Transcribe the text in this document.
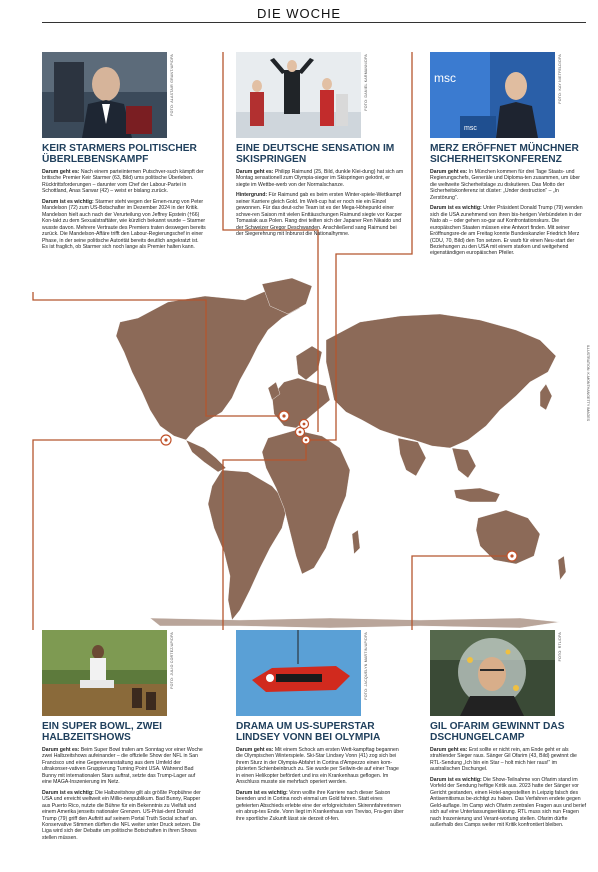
DIE WOCHE
ILLUSTRATION: K-MONTHANGETTY IMAGES
FOTO: ALASTAIR GRANT/AP/DPA
KEIR STARMERS POLITISCHER ÜBERLEBENSKAMPF

Darum geht es: Nach einem parteiinternen Putschver-such kämpft der britische Premier Keir Starmer (63, Bild) ums politische Überleben. Rücktrittsforderungen – darunter vom Chef der Labour-Partei in Schottland, Anas Sarwar (42) – weist er bislang zurück.

Darum ist es wichtig: Starmer steht wegen der Ernen-nung von Peter Mandelson (72) zum US-Botschafter im Dezember 2024 in der Kritik. Mandelson hielt auch nach der Verurteilung von Jeffrey Epstein (†66) Kon-takt zu dem Sexualstraftäter, wie kürzlich bekannt wurde – Starmer wusste davon. Mehrere Vertraute des Premiers traten deswegen bereits zurück. Die Mandelson-Affäre trifft den Labour-Regierungschef in einer Phase, in der seine politische Autorität bereits deutlich angekratzt ist. Es ist fraglich, ob Starmer sich noch lange als Premier halten kann.

FOTO: DANIEL KARMANN/DPA
EINE DEUTSCHE SENSATION IM SKISPRINGEN

Darum geht es: Philipp Raimund (25, Bild, dunkle Klei-dung) hat sich am Montag sensationell zum Olympia-sieger im Skispringen gekrönt, er siegte im Wettbe-werb von der Normalschanze.

Hintergrund: Für Raimund gab es beim ersten Winter-spiele-Wettkampf seiner Karriere gleich Gold. Im Welt-cup hat er noch nie ein Einzel gewonnen. Für das deut-sche Team ist es der Mega-Höhepunkt einer schwe-ren Saison mit vielen Enttäuschungen Raimund siegte vor Kacper Tomasiak aus Polen. Rang drei teilten sich der Japaner Ren Nikaido und der Schweizer Gregor Deschwanden. Anschließend sang Raimund bei der Siegerehrung mit Inbrunst die Nationalhymne.

msc
msc
FOTO: KAY NIETFELD/DPA
MERZ ERÖFFNET MÜNCHNER SICHERHEITSKONFERENZ

Darum geht es: In München kommen für drei Tage Staats- und Regierungschefs, Generäle und Diploma-ten zusammen, um über die weltweite Sicherheitslage zu diskutieren. Das Motto der Sicherheitskonferenz ist düster: „Under destruction“ – „In Zerstörung“.

Darum ist es wichtig: Unter Präsident Donald Trump (79) wenden sich die USA zunehmend von ihren bis-herigen Verbündeten in der Nato ab – oder gehen so-gar auf Konfrontationskurs. Die europäischen Staaten müssen eine Antwort finden. Mit seiner Eröffnungsre-de am Freitag konnte Bundeskanzler Friedrich Merz (CDU, 70, Bild) den Ton setzen. Er warb für einen Neu-start der Beziehungen zu den USA mit einem starken und weitgehend eigenständigen europäischen Pfeiler.

FOTO: JULIO CORTEZ/AP/DPA
EIN SUPER BOWL, ZWEI HALBZEITSHOWS

Darum geht es: Beim Super Bowl trafen am Sonntag vor einer Woche zwei Halbzeitshows aufeinander – die offizielle Show der NFL in San Francisco und eine Gegenveranstaltung aus dem Umfeld der ultrakonser-vativen Gruppierung Turning Point USA. Während Bad Bunny mit internationalen Stars auftrat, setzte das Trump-Lager auf eine MAGA-Inszenierung im Netz.

Darum ist es wichtig: Die Halbzeitshow gilt als größte Popbühne der USA und erreicht weltweit ein Millio-nenpublikum. Bad Bunny, Rapper aus Puerto Rico, nutzte die Bühne für ein Bekenntnis zu Vielfalt und einem Amerika jenseits nationaler Grenzen. US-Präsi-dent Donald Trump (79) griff den Auftritt auf seinem Portal Truth Social scharf an. Konservative Stimmen dürften die NFL weiter unter Druck setzen. Die Liga wird sich der Debatte um politische Botschaften in ihren Shows stellen müssen.

FOTO: JACQUELYN MARTIN/AP/DPA
DRAMA UM US-SUPERSTAR LINDSEY VONN BEI OLYMPIA

Darum geht es: Mit einem Schock am ersten Wett-kampftag begannen die Olympischen Winterspiele. Ski-Star Lindsey Vonn (41) zog sich bei ihrem Sturz in der Olympia-Abfahrt in Cortina d'Ampezzo einen kom-plizierten Schienbeinbruch zu. Sie wurde per Seilwin-de auf einer Trage in einen Helikopter befördert und ins ein Krankenhaus geflogen. Im Anschluss musste sie mehrfach operiert werden.

Darum ist es wichtig: Vonn wollte ihre Karriere nach dieser Saison beenden und in Cortina noch einmal um Gold fahren. Statt eines gefeierten Abschieds erlebte eine der erfolgreichsten Skirennfahrerinnen ein abrup-tes Ende. Vonn liegt im Krankenhaus von Treviso, Fra-gen über ihre sportliche Zukunft lässt sie derzeit of-fen.

FOTO: RTL/DPA
GIL OFARIM GEWINNT DAS DSCHUNGELCAMP

Darum geht es: Erst sollte er nicht rein, am Ende geht er als strahlender Sieger raus. Sänger Gil Ofarim (43, Bild) gewinnt die RTL-Sendung „Ich bin ein Star – holt mich hier raus!“ im australischen Dschungel.

Darum ist es wichtig: Die Show-Teilnahme von Ofarim stand im Vorfeld der Sendung heftige Kritik aus. 2023 hatte der Sänger vor Gericht gestanden, einen Hotel-angestellten in Leipzig falsch des Antisemitismus be-zichtigt zu haben. Das Verfahren endete gegen Geld-auflage. Im Camp wich Ofarim zentralen Fragen aus und berief sich auf eine Unterlassungserklärung. RTL muss sich nun Fragen nach Inszenierung und Verant-wortung stellen. Ofarim dürfte außerhalb des Camps weiter mit Kritik konfrontiert bleiben.
